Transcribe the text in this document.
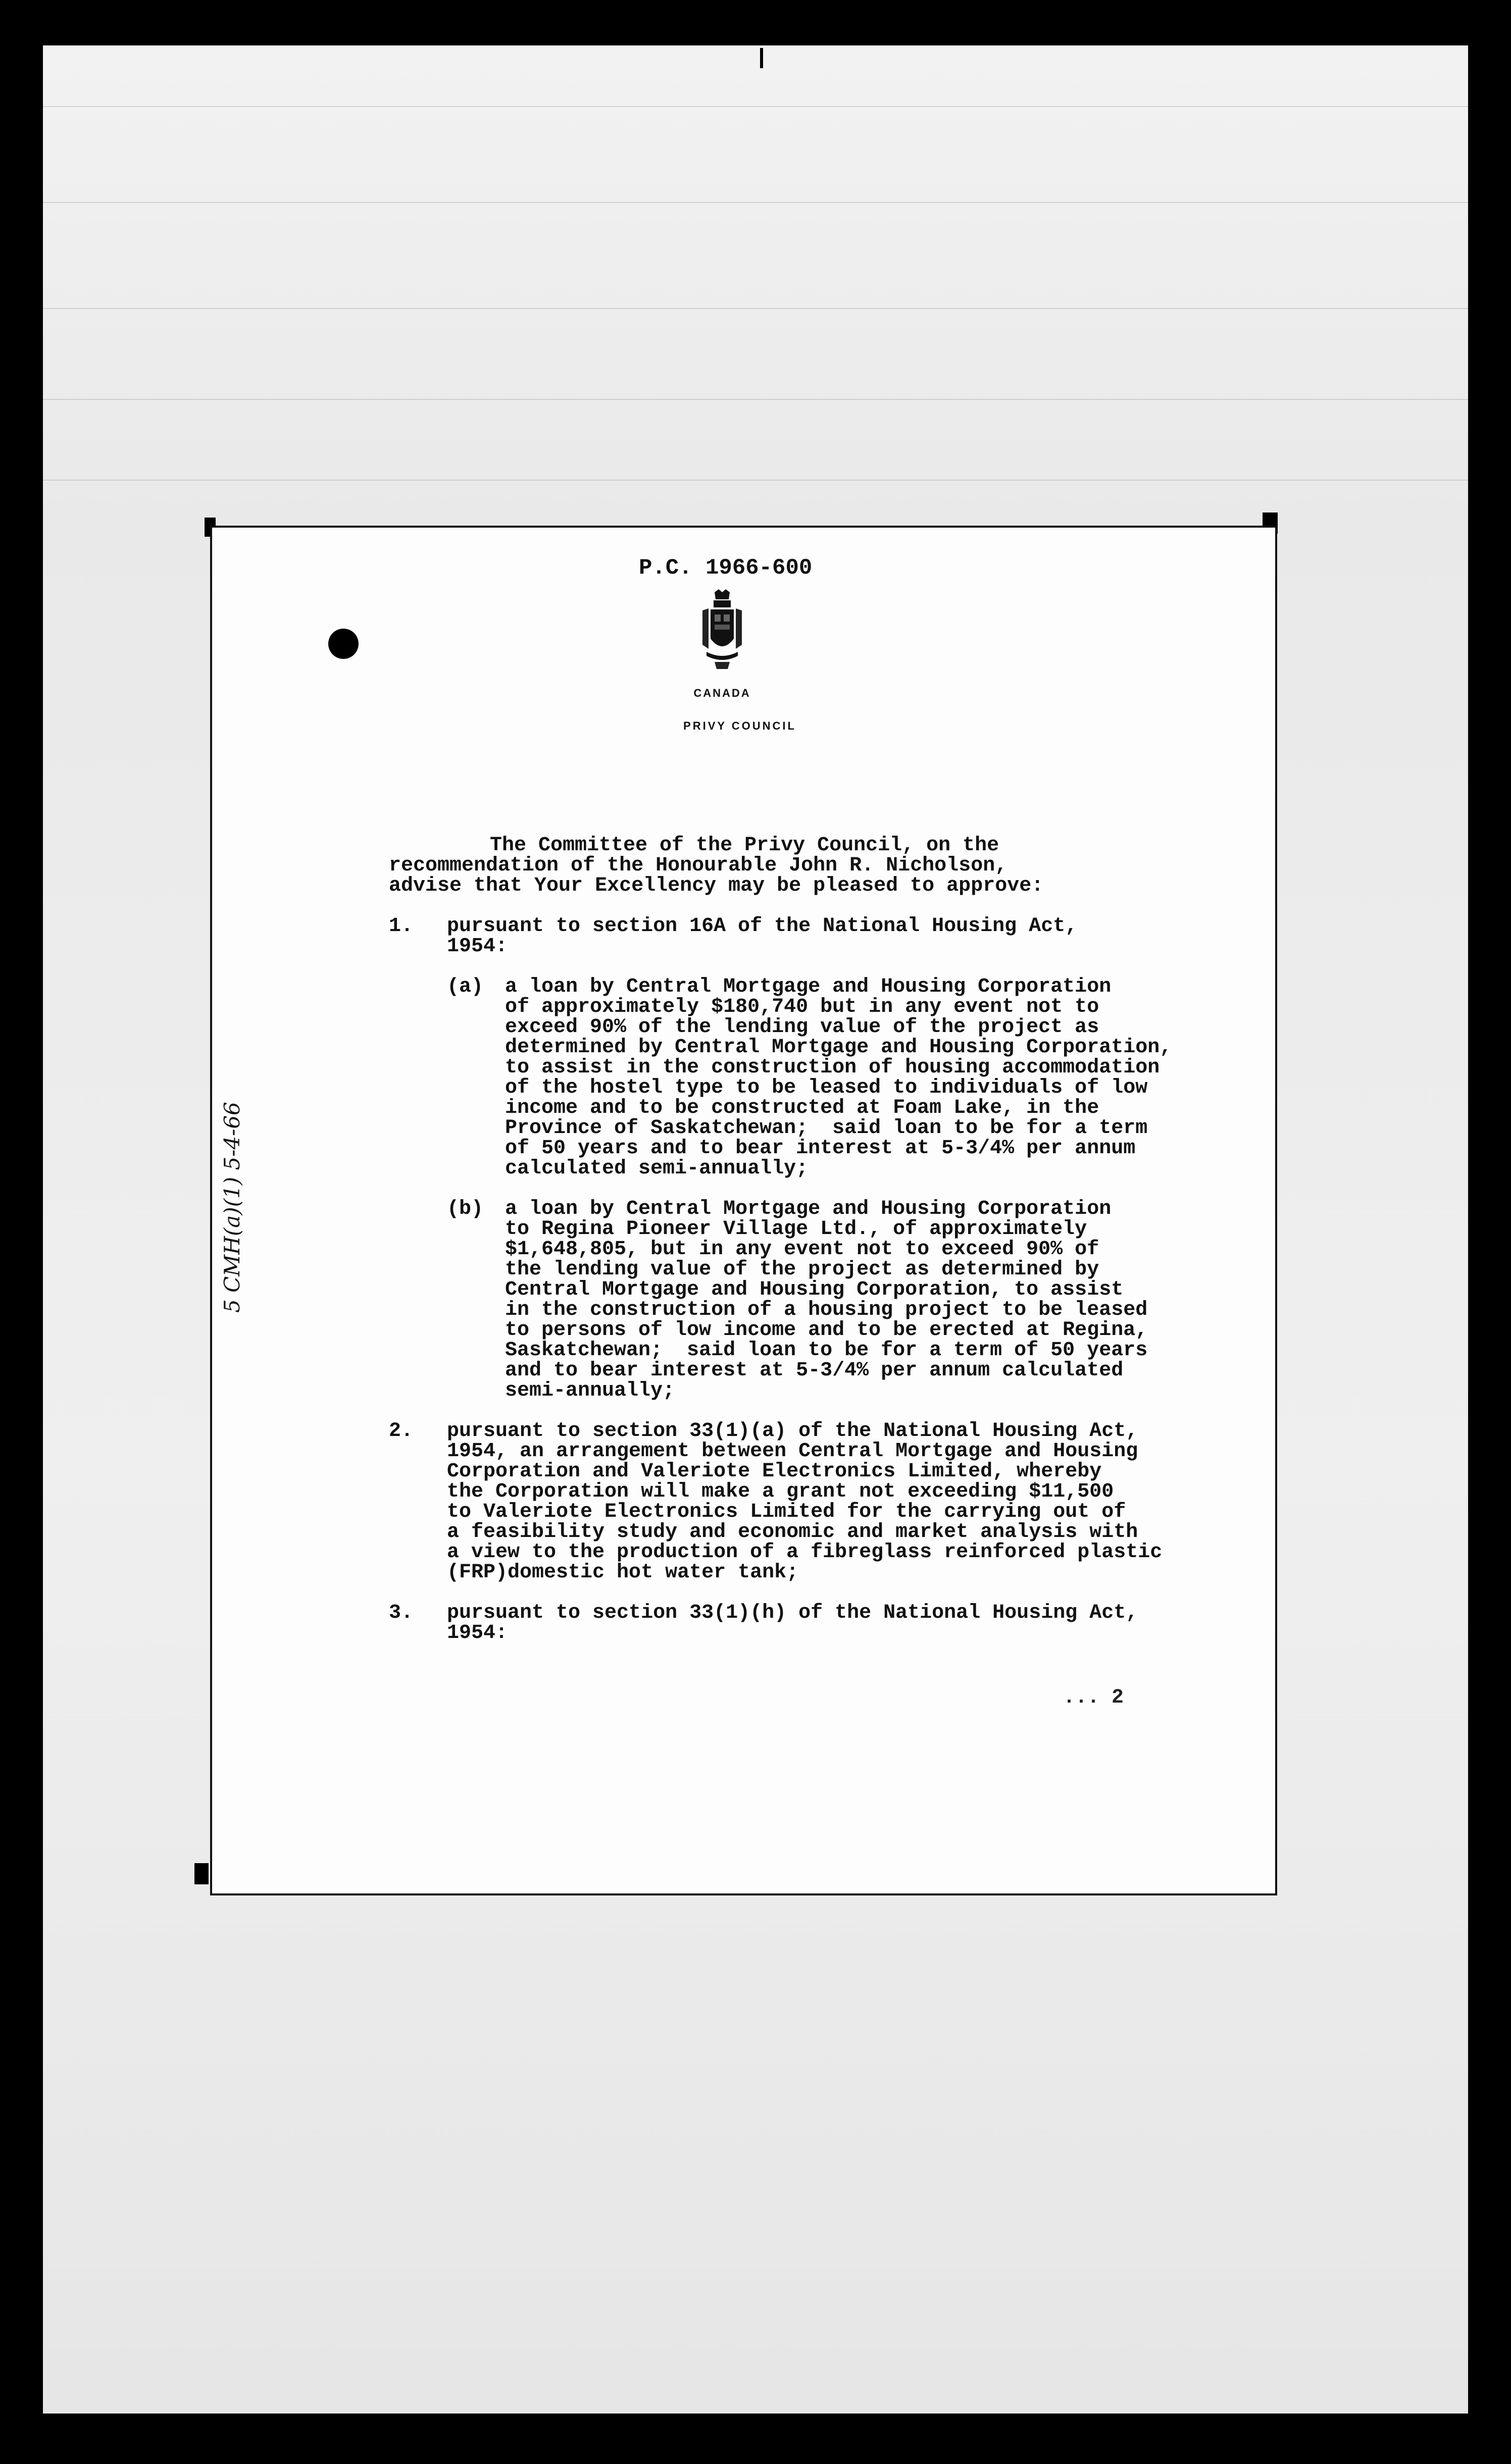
P.C. 1966-600
CANADA
PRIVY COUNCIL
5 CMH(a)(1) 5-4-66
The Committee of the Privy Council, on the
recommendation of the Honourable John R. Nicholson,
advise that Your Excellency may be pleased to approve:
1. pursuant to section 16A of the National Housing Act,
1954:
(a) a loan by Central Mortgage and Housing Corporation
of approximately $180,740 but in any event not to
exceed 90% of the lending value of the project as
determined by Central Mortgage and Housing Corporation,
to assist in the construction of housing accommodation
of the hostel type to be leased to individuals of low
income and to be constructed at Foam Lake, in the
Province of Saskatchewan;  said loan to be for a term
of 50 years and to bear interest at 5-3/4% per annum
calculated semi-annually;
(b) a loan by Central Mortgage and Housing Corporation
to Regina Pioneer Village Ltd., of approximately
$1,648,805, but in any event not to exceed 90% of
the lending value of the project as determined by
Central Mortgage and Housing Corporation, to assist
in the construction of a housing project to be leased
to persons of low income and to be erected at Regina,
Saskatchewan;  said loan to be for a term of 50 years
and to bear interest at 5-3/4% per annum calculated
semi-annually;
2. pursuant to section 33(1)(a) of the National Housing Act,
1954, an arrangement between Central Mortgage and Housing
Corporation and Valeriote Electronics Limited, whereby
the Corporation will make a grant not exceeding $11,500
to Valeriote Electronics Limited for the carrying out of
a feasibility study and economic and market analysis with
a view to the production of a fibreglass reinforced plastic
(FRP)domestic hot water tank;
3. pursuant to section 33(1)(h) of the National Housing Act,
1954:
... 2
